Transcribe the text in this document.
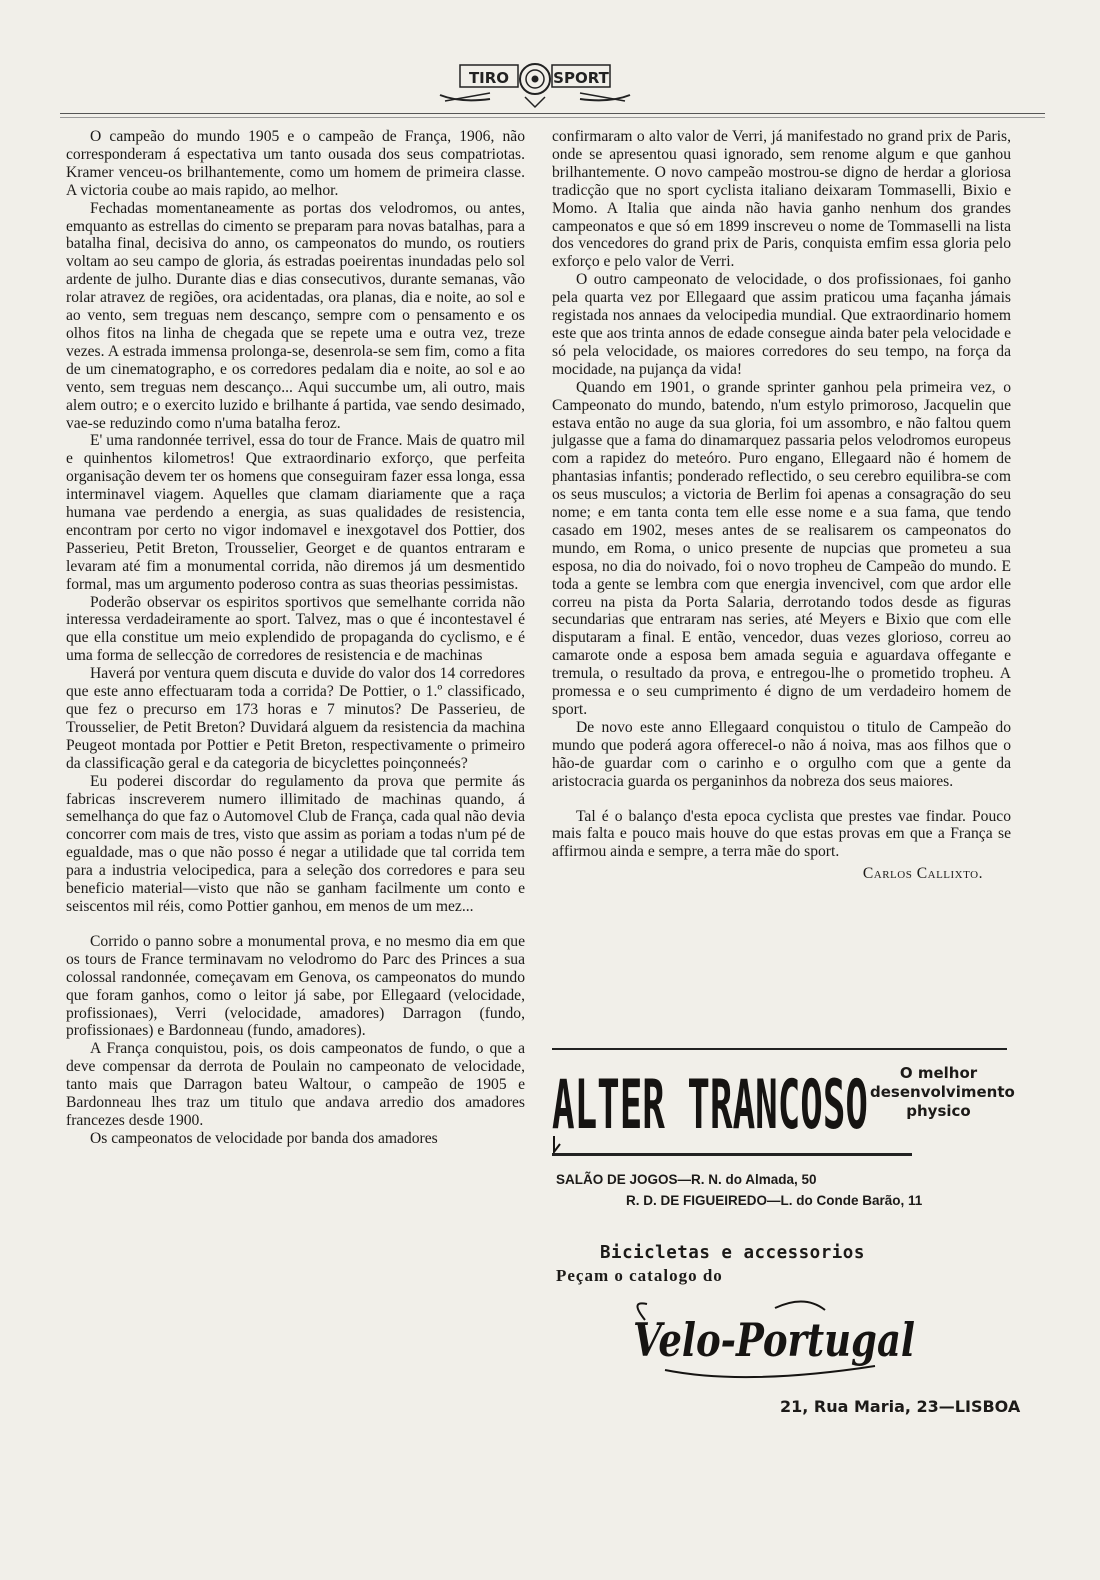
TIRO	SPORT

O campeão do mundo 1905 e o campeão de França, 1906, não corresponderam á espectativa um tanto ousada dos seus compatriotas. Kramer venceu-os brilhantemente, como um homem de primeira classe. A victoria coube ao mais rapido, ao melhor.

Fechadas momentaneamente as portas dos velodromos, ou antes, emquanto as estrellas do cimento se preparam para novas batalhas, para a batalha final, decisiva do anno, os campeonatos do mundo, os routiers voltam ao seu campo de gloria, ás estradas poeirentas inundadas pelo sol ardente de julho. Durante dias e dias consecutivos, durante semanas, vão rolar atravez de regiões, ora acidentadas, ora planas, dia e noite, ao sol e ao vento, sem treguas nem descanço, sempre com o pensamento e os olhos fitos na linha de chegada que se repete uma e outra vez, treze vezes. A estrada immensa prolonga-se, desenrola-se sem fim, como a fita de um cinematographo, e os corredores pedalam dia e noite, ao sol e ao vento, sem treguas nem descanço... Aqui succumbe um, ali outro, mais alem outro; e o exercito luzido e brilhante á partida, vae sendo desimado, vae-se reduzindo como n'uma batalha feroz.

E' uma randonnée terrivel, essa do tour de France. Mais de quatro mil e quinhentos kilometros! Que extraordinario exforço, que perfeita organisação devem ter os homens que conseguiram fazer essa longa, essa interminavel viagem. Aquelles que clamam diariamente que a raça humana vae perdendo a energia, as suas qualidades de resistencia, encontram por certo no vigor indomavel e inexgotavel dos Pottier, dos Passerieu, Petit Breton, Trousselier, Georget e de quantos entraram e levaram até fim a monumental corrida, não diremos já um desmentido formal, mas um argumento poderoso contra as suas theorias pessimistas.

Poderão observar os espiritos sportivos que semelhante corrida não interessa verdadeiramente ao sport. Talvez, mas o que é incontestavel é que ella constitue um meio explendido de propaganda do cyclismo, e é uma forma de sellecção de corredores de resistencia e de machinas

Haverá por ventura quem discuta e duvide do valor dos 14 corredores que este anno effectuaram toda a corrida? De Pottier, o 1.º classificado, que fez o precurso em 173 horas e 7 minutos? De Passerieu, de Trousselier, de Petit Breton? Duvidará alguem da resistencia da machina Peugeot montada por Pottier e Petit Breton, respectivamente o primeiro da classificação geral e da categoria de bicyclettes poinçonneés?

Eu poderei discordar do regulamento da prova que permite ás fabricas inscreverem numero illimitado de machinas quando, á semelhança do que faz o Automovel Club de França, cada qual não devia concorrer com mais de tres, visto que assim as poriam a todas n'um pé de egualdade, mas o que não posso é negar a utilidade que tal corrida tem para a industria velocipedica, para a seleção dos corredores e para seu beneficio material—visto que não se ganham facilmente um conto e seiscentos mil réis, como Pottier ganhou, em menos de um mez...

Corrido o panno sobre a monumental prova, e no mesmo dia em que os tours de France terminavam no velodromo do Parc des Princes a sua colossal randonnée, começavam em Genova, os campeonatos do mundo que foram ganhos, como o leitor já sabe, por Ellegaard (velocidade, profissionaes), Verri (velocidade, amadores) Darragon (fundo, profissionaes) e Bardonneau (fundo, amadores).

A França conquistou, pois, os dois campeonatos de fundo, o que a deve compensar da derrota de Poulain no campeonato de velocidade, tanto mais que Darragon bateu Waltour, o campeão de 1905 e Bardonneau lhes traz um titulo que andava arredio dos amadores francezes desde 1900.

Os campeonatos de velocidade por banda dos amadores

confirmaram o alto valor de Verri, já manifestado no grand prix de Paris, onde se apresentou quasi ignorado, sem renome algum e que ganhou brilhantemente. O novo campeão mostrou-se digno de herdar a gloriosa tradicção que no sport cyclista italiano deixaram Tommaselli, Bixio e Momo. A Italia que ainda não havia ganho nenhum dos grandes campeonatos e que só em 1899 inscreveu o nome de Tommaselli na lista dos vencedores do grand prix de Paris, conquista emfim essa gloria pelo exforço e pelo valor de Verri.

O outro campeonato de velocidade, o dos profissionaes, foi ganho pela quarta vez por Ellegaard que assim praticou uma façanha jámais registada nos annaes da velocipedia mundial. Que extraordinario homem este que aos trinta annos de edade consegue ainda bater pela velocidade e só pela velocidade, os maiores corredores do seu tempo, na força da mocidade, na pujança da vida!

Quando em 1901, o grande sprinter ganhou pela primeira vez, o Campeonato do mundo, batendo, n'um estylo primoroso, Jacquelin que estava então no auge da sua gloria, foi um assombro, e não faltou quem julgasse que a fama do dinamarquez passaria pelos velodromos europeus com a rapidez do meteóro. Puro engano, Ellegaard não é homem de phantasias infantis; ponderado reflectido, o seu cerebro equilibra-se com os seus musculos; a victoria de Berlim foi apenas a consagração do seu nome; e em tanta conta tem elle esse nome e a sua fama, que tendo casado em 1902, meses antes de se realisarem os campeonatos do mundo, em Roma, o unico presente de nupcias que prometeu a sua esposa, no dia do noivado, foi o novo tropheu de Campeão do mundo. E toda a gente se lembra com que energia invencivel, com que ardor elle correu na pista da Porta Salaria, derrotando todos desde as figuras secundarias que entraram nas series, até Meyers e Bixio que com elle disputaram a final. E então, vencedor, duas vezes glorioso, correu ao camarote onde a esposa bem amada seguia e aguardava offegante e tremula, o resultado da prova, e entregou-lhe o prometido tropheu. A promessa e o seu cumprimento é digno de um verdadeiro homem de sport.

De novo este anno Ellegaard conquistou o titulo de Campeão do mundo que poderá agora offerecel-o não á noiva, mas aos filhos que o hão-de guardar com o carinho e o orgulho com que a gente da aristocracia guarda os perganinhos da nobreza dos seus maiores.

Tal é o balanço d'esta epoca cyclista que prestes vae findar. Pouco mais falta e pouco mais houve do que estas provas em que a França se affirmou ainda e sempre, a terra mãe do sport.

Carlos Callixto.
ALTER TRANCOSO	O melhor
desenvolvimento
physico
SALÃO DE JOGOS—R. N. do Almada, 50
R. D. DE FIGUEIREDO—L. do Conde Barão, 11
Bicicletas e accessorios
Peçam o catalogo do
Velo-Portugal
21, Rua Maria, 23—LISBOA
